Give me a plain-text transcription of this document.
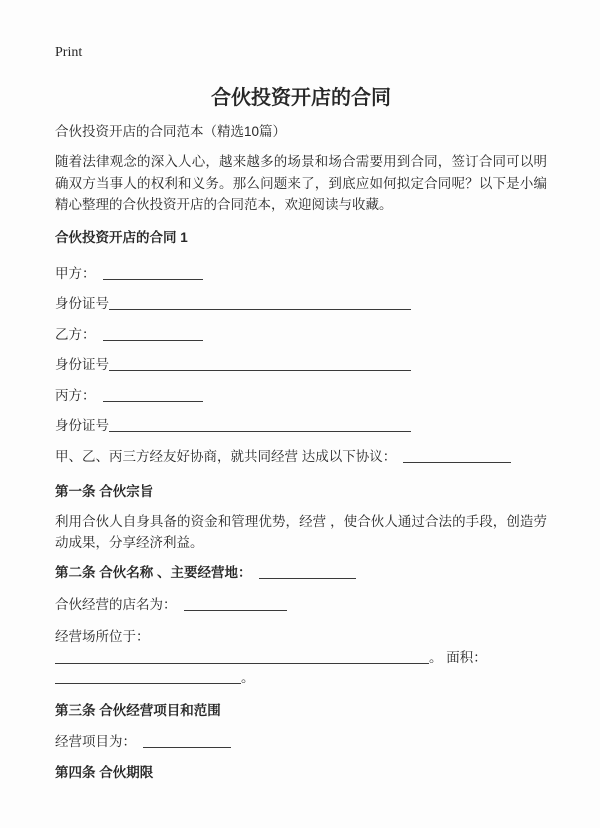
Print
合伙投资开店的合同
合伙投资开店的合同范本（精选10篇）

随着法律观念的深入人心，越来越多的场景和场合需要用到合同，签订合同可以明确双方当事人的权利和义务。那么问题来了，到底应如何拟定合同呢？以下是小编精心整理的合伙投资开店的合同范本，欢迎阅读与收藏。

合伙投资开店的合同 1
甲方：
身份证号
乙方：
身份证号
丙方：
身份证号
甲、乙、丙三方经友好协商，就共同经营 达成以下协议：
第一条 合伙宗旨

利用合伙人自身具备的资金和管理优势，经营 ，使合伙人通过合法的手段，创造劳动成果，分享经济利益。

第二条 合伙名称 、主要经营地：
合伙经营的店名为：
经营场所位于：
。 面积：
。
第三条 合伙经营项目和范围
经营项目为：
第四条 合伙期限
